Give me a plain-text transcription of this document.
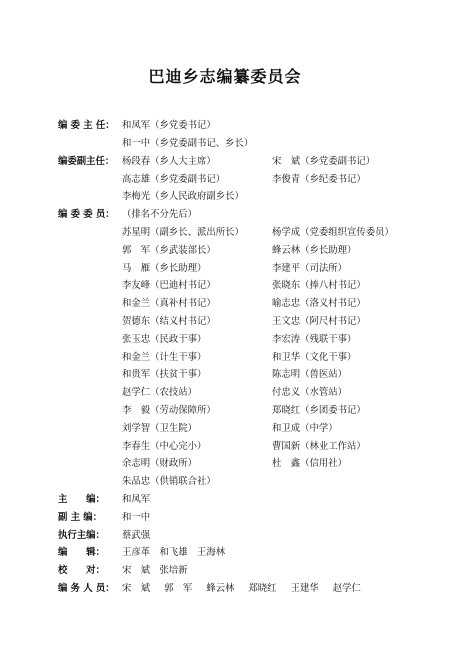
巴迪乡志编纂委员会
编 委 主 任： 和凤军（乡党委书记）
和一中（乡党委副书记、乡长）
编委副主任： 杨段春（乡人大主席）	宋　斌（乡党委副书记）
高志雄（乡党委副书记）	李俊青（乡纪委书记）
李梅光（乡人民政府副乡长）
编 委 委 员： （排名不分先后）
苏星明（副乡长、派出所长）	杨学成（党委组织宣传委员）
郭　军（乡武装部长）	蜂云林（乡长助理）
马　雁（乡长助理）	李建平（司法所）
李友峰（巴迪村书记）	张晓东（捧八村书记）
和金兰（真补村书记）	喻志忠（洛义村书记）
贺德东（结义村书记）	王文忠（阿尺村书记）
张玉忠（民政干事）	李宏涛（残联干事）
和金兰（计生干事）	和卫华（文化干事）
和贵军（扶贫干事）	陈志明（兽医站）
赵学仁（农技站）	付忠义（水管站）
李　毅（劳动保障所）	郑晓红（乡团委书记）
刘学智（卫生院）	和卫成（中学）
李春生（中心完小）	曹国新（林业工作站）
余志明（财政所）	杜　鑫（信用社）
朱品忠（供销联合社）
主　　编：	和凤军
副 主 编：	和一中
执行主编：	蔡武强
编　　辑：	王彦革　和飞雄　王海林
校　　对：	宋　斌　张培新
编 务 人 员： 宋　斌 郭　军 蜂云林 郑晓红 王建华 赵学仁
